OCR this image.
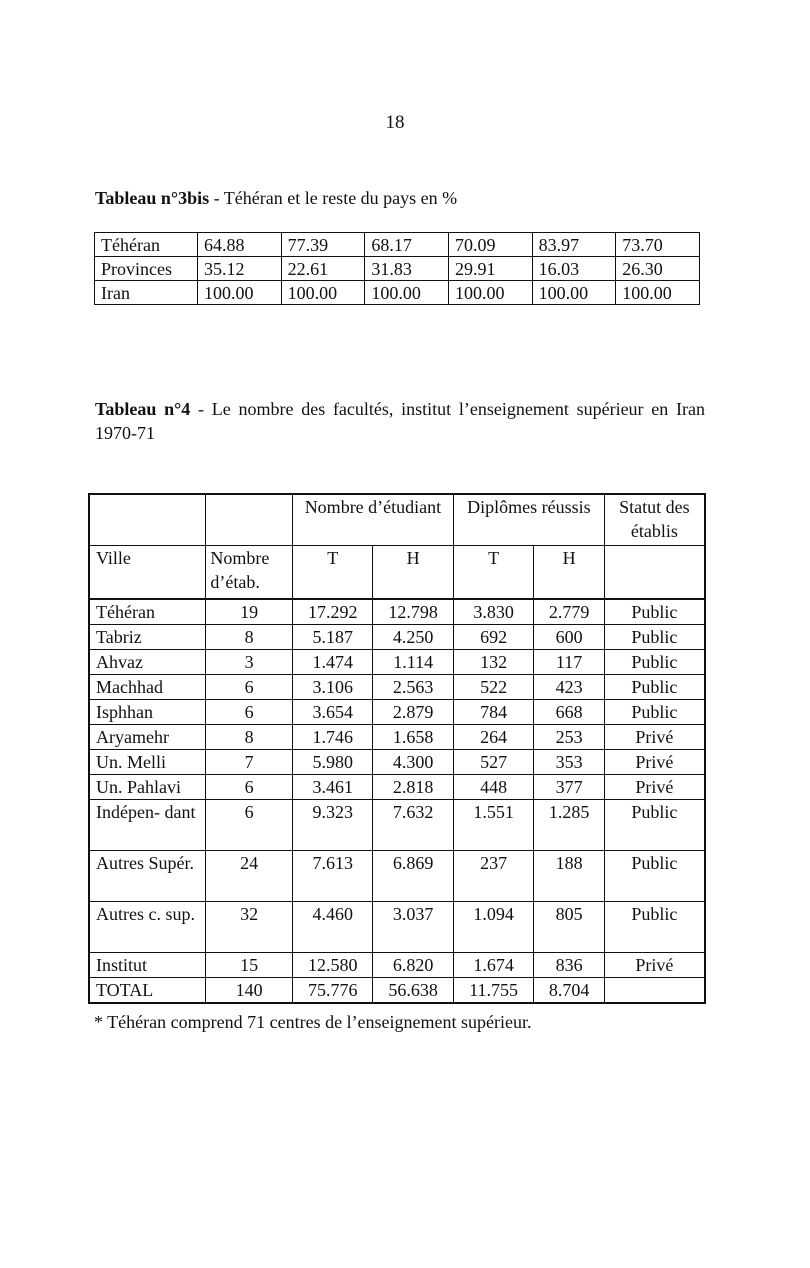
18
Tableau n°3bis - Téhéran et le reste du pays en %
Téhéran	64.88	77.39	68.17	70.09	83.97	73.70
Provinces	35.12	22.61	31.83	29.91	16.03	26.30
Iran	100.00	100.00	100.00	100.00	100.00	100.00
Tableau n°4 - Le nombre des facultés, institut l’enseignement supérieur en Iran 1970-71
		Nombre d’étudiant		Diplômes réussis		Statut des établis
Ville	Nombre d’étab.	T	H	T	H	
Téhéran	19	17.292	12.798	3.830	2.779	Public
Tabriz	8	5.187	4.250	692	600	Public
Ahvaz	3	1.474	1.114	132	117	Public
Machhad	6	3.106	2.563	522	423	Public
Isphhan	6	3.654	2.879	784	668	Public
Aryamehr	8	1.746	1.658	264	253	Privé
Un. Melli	7	5.980	4.300	527	353	Privé
Un. Pahlavi	6	3.461	2.818	448	377	Privé
Indépen- dant	6	9.323	7.632	1.551	1.285	Public
Autres Supér.	24	7.613	6.869	237	188	Public
Autres c. sup.	32	4.460	3.037	1.094	805	Public
Institut	15	12.580	6.820	1.674	836	Privé
TOTAL	140	75.776	56.638	11.755	8.704	
* Téhéran comprend 71 centres de l’enseignement supérieur.
